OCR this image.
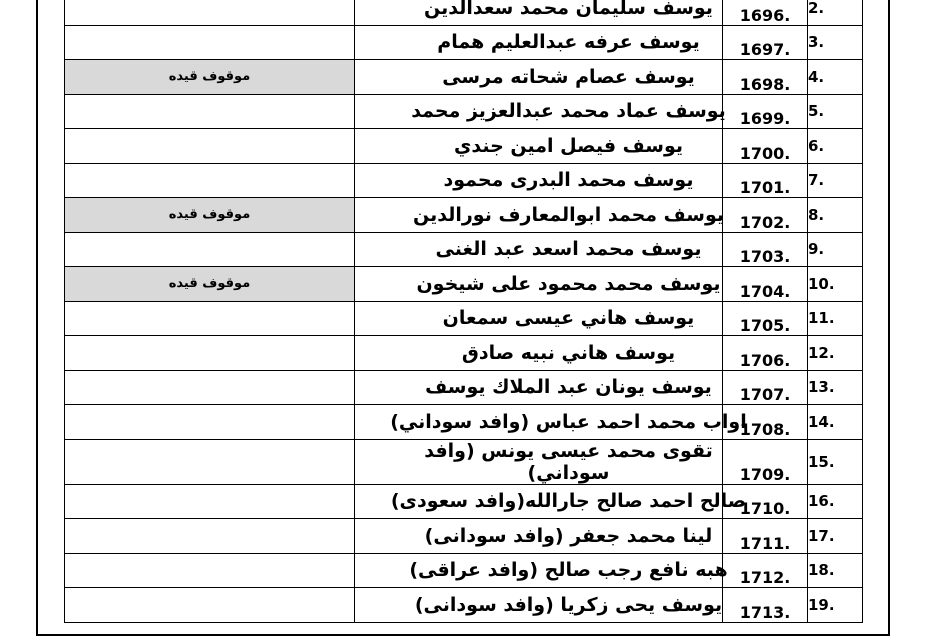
	يوسف سليمان محمد سعدالدين	1696.	2.
	يوسف عرفه عبدالعليم همام	1697.	3.
موقوف قيده	يوسف عصام شحاته مرسى	1698.	4.
	يوسف عماد محمد عبدالعزيز محمد	1699.	5.
	يوسف فيصل امين جندي	1700.	6.
	يوسف محمد البدرى محمود	1701.	7.
موقوف قيده	يوسف محمد ابوالمعارف نورالدين	1702.	8.
	يوسف محمد اسعد عبد الغنى	1703.	9.
موقوف قيده	يوسف محمد محمود على شيخون	1704.	10.
	يوسف هاني عيسى سمعان	1705.	11.
	يوسف هاني نبيه صادق	1706.	12.
	يوسف يونان عبد الملاك يوسف	1707.	13.
	اواب محمد احمد عباس (وافد سوداني)	1708.	14.
	تقوى محمد عيسى يونس (وافد سوداني)	1709.	15.
	صالح احمد صالح جارالله(وافد سعودى)	1710.	16.
	لينا محمد جعفر (وافد سودانى)	1711.	17.
	هبه نافع رجب صالح (وافد عراقى)	1712.	18.
	يوسف يحى زكريا (وافد سودانى)	1713.	19.
